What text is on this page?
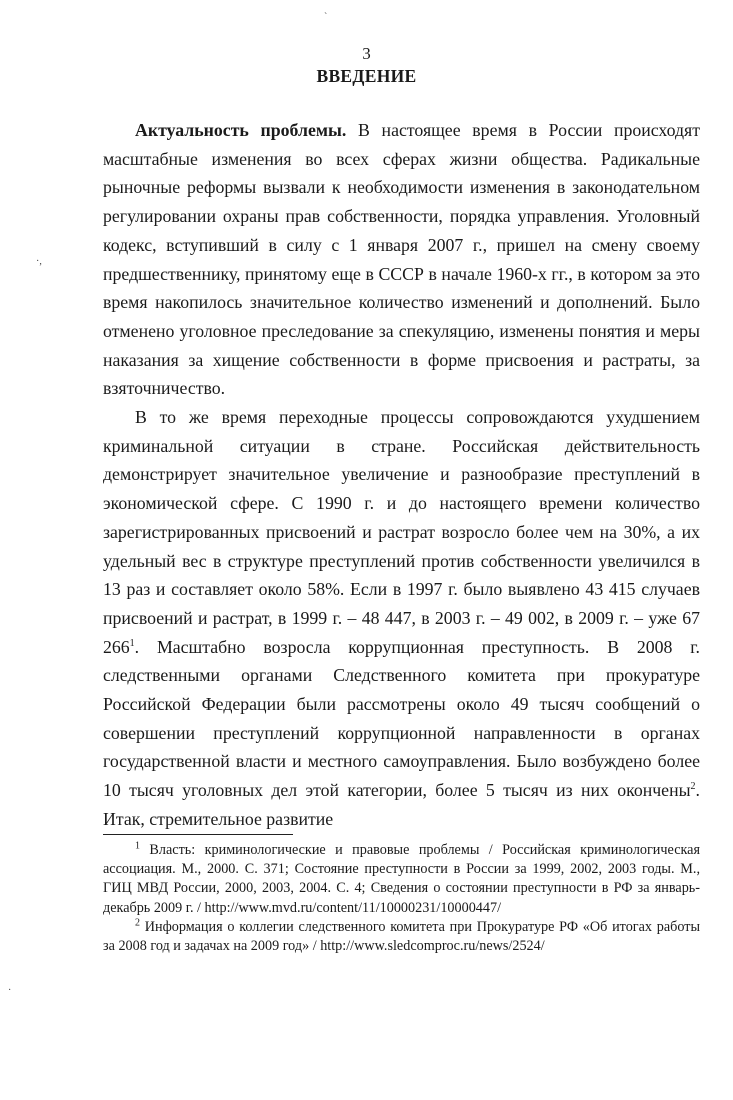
ˋ
·,
·
3
ВВЕДЕНИЕ

Актуальность проблемы. В настоящее время в России происходят масштабные изменения во всех сферах жизни общества. Радикальные рыночные реформы вызвали к необходимости изменения в законодательном регулировании охраны прав собственности, порядка управления. Уголовный кодекс, вступивший в силу с 1 января 2007 г., пришел на смену своему предшественнику, принятому еще в СССР в начале 1960-х гг., в котором за это время накопилось значительное количество изменений и дополнений. Было отменено уголовное преследование за спекуляцию, изменены понятия и меры наказания за хищение собственности в форме присвоения и растраты, за взяточничество.

В то же время переходные процессы сопровождаются ухудшением криминальной ситуации в стране. Российская действительность демонстрирует значительное увеличение и разнообразие преступлений в экономической сфере. С 1990 г. и до настоящего времени количество зарегистрированных присвоений и растрат возросло более чем на 30%, а их удельный вес в структуре преступлений против собственности увеличился в 13 раз и составляет около 58%. Если в 1997 г. было выявлено 43 415 случаев присвоений и растрат, в 1999 г. – 48 447, в 2003 г. – 49 002, в 2009 г. – уже 67 $266^1$. Масштабно возросла коррупционная преступность. В 2008 г. следственными органами Следственного комитета при прокуратуре Российской Федерации были рассмотрены около 49 тысяч сообщений о совершении преступлений коррупционной направленности в органах государственной власти и местного самоуправления. Было возбуждено более 10 тысяч уголовных дел этой категории, более 5 тысяч из них окончены$^2$. Итак, стремительное развитие

$^1$ Власть: криминологические и правовые проблемы / Российская криминологическая ассоциация. М., 2000. С. 371; Состояние преступности в России за 1999, 2002, 2003 годы. М., ГИЦ МВД России, 2000, 2003, 2004. С. 4; Сведения о состоянии преступности в РФ за январь-декабрь 2009 г. / http://www.mvd.ru/content/11/10000231/10000447/

$^2$ Информация о коллегии следственного комитета при Прокуратуре РФ «Об итогах работы за 2008 год и задачах на 2009 год» / http://www.sledcomproc.ru/news/2524/
